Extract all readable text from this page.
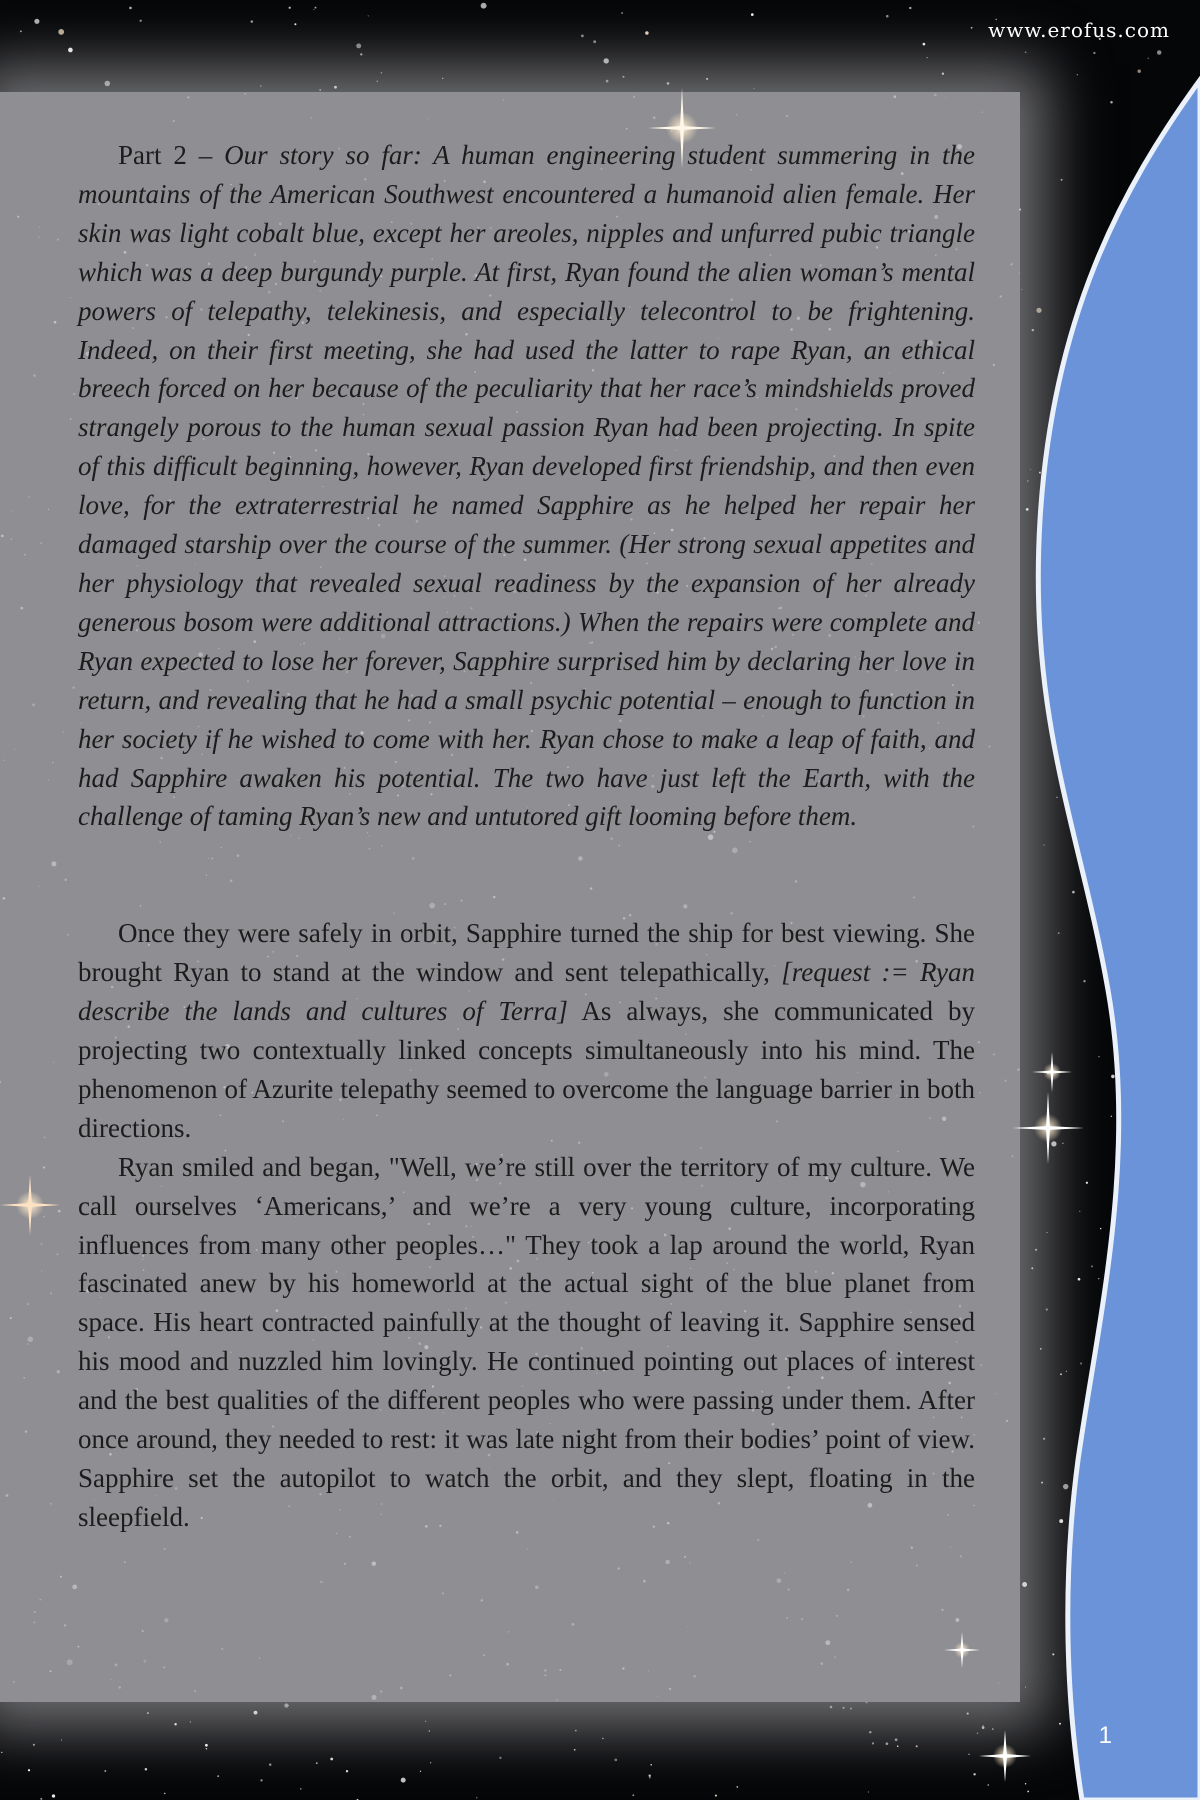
www.erofus.com

Part 2 – Our story so far: A human engineering student summering in the mountains of the American Southwest encountered a humanoid alien female. Her skin was light cobalt blue, except her areoles, nipples and unfurred pubic triangle which was a deep burgundy purple. At first, Ryan found the alien woman’s mental powers of telepathy, telekinesis, and especially telecontrol to be frightening. Indeed, on their first meeting, she had used the latter to rape Ryan, an ethical breech forced on her because of the peculiarity that her race’s mindshields proved strangely porous to the human sexual passion Ryan had been projecting. In spite of this difficult beginning, however, Ryan developed first friendship, and then even love, for the extraterrestrial he named Sapphire as he helped her repair her damaged starship over the course of the summer. (Her strong sexual appetites and her physiology that revealed sexual readiness by the expansion of her already generous bosom were additional attractions.) When the repairs were complete and Ryan expected to lose her forever, Sapphire surprised him by declaring her love in return, and revealing that he had a small psychic potential – enough to function in her society if he wished to come with her. Ryan chose to make a leap of faith, and had Sapphire awaken his potential. The two have just left the Earth, with the challenge of taming Ryan’s new and untutored gift looming before them.

Once they were safely in orbit, Sapphire turned the ship for best viewing. She brought Ryan to stand at the window and sent telepathically, [request := Ryan describe the lands and cultures of Terra] As always, she communicated by projecting two contextually linked concepts simultaneously into his mind. The phenomenon of Azurite telepathy seemed to overcome the language barrier in both directions.

Ryan smiled and began, "Well, we’re still over the territory of my culture. We call ourselves ‘Americans,’ and we’re a very young culture, incorporating influences from many other peoples…" They took a lap around the world, Ryan fascinated anew by his homeworld at the actual sight of the blue planet from space. His heart contracted painfully at the thought of leaving it. Sapphire sensed his mood and nuzzled him lovingly. He continued pointing out places of interest and the best qualities of the different peoples who were passing under them. After once around, they needed to rest: it was late night from their bodies’ point of view. Sapphire set the autopilot to watch the orbit, and they slept, floating in the sleepfield.

1
